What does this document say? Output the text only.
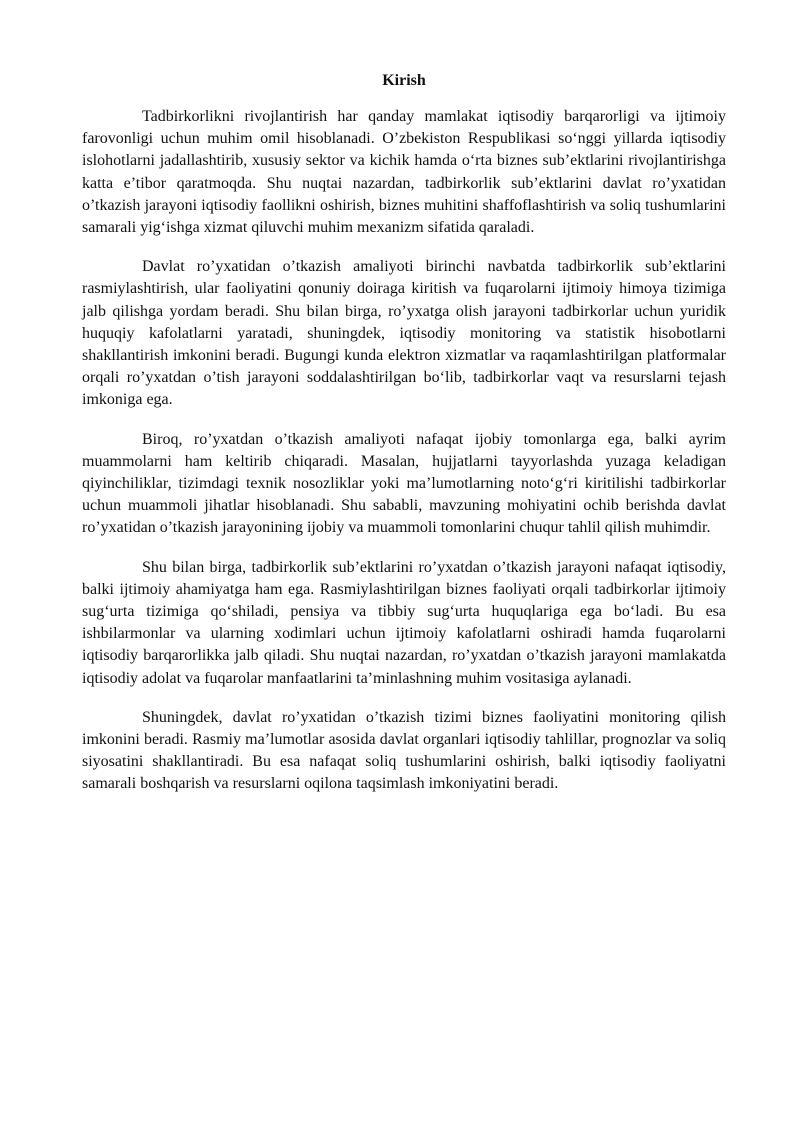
Kirish

Tadbirkorlikni rivojlantirish har qanday mamlakat iqtisodiy barqarorligi va ijtimoiy farovonligi uchun muhim omil hisoblanadi. O’zbekiston Respublikasi so‘nggi yillarda iqtisodiy islohotlarni jadallashtirib, xususiy sektor va kichik hamda o‘rta biznes sub’ektlarini rivojlantirishga katta e’tibor qaratmoqda. Shu nuqtai nazardan, tadbirkorlik sub’ektlarini davlat ro’yxatidan o’tkazish jarayoni iqtisodiy faollikni oshirish, biznes muhitini shaffoflashtirish va soliq tushumlarini samarali yig‘ishga xizmat qiluvchi muhim mexanizm sifatida qaraladi.

Davlat ro’yxatidan o’tkazish amaliyoti birinchi navbatda tadbirkorlik sub’ektlarini rasmiylashtirish, ular faoliyatini qonuniy doiraga kiritish va fuqarolarni ijtimoiy himoya tizimiga jalb qilishga yordam beradi. Shu bilan birga, ro’yxatga olish jarayoni tadbirkorlar uchun yuridik huquqiy kafolatlarni yaratadi, shuningdek, iqtisodiy monitoring va statistik hisobotlarni shakllantirish imkonini beradi. Bugungi kunda elektron xizmatlar va raqamlashtirilgan platformalar orqali ro’yxatdan o’tish jarayoni soddalashtirilgan bo‘lib, tadbirkorlar vaqt va resurslarni tejash imkoniga ega.

Biroq, ro’yxatdan o’tkazish amaliyoti nafaqat ijobiy tomonlarga ega, balki ayrim muammolarni ham keltirib chiqaradi. Masalan, hujjatlarni tayyorlashda yuzaga keladigan qiyinchiliklar, tizimdagi texnik nosozliklar yoki ma’lumotlarning noto‘g‘ri kiritilishi tadbirkorlar uchun muammoli jihatlar hisoblanadi. Shu sababli, mavzuning mohiyatini ochib berishda davlat ro’yxatidan o’tkazish jarayonining ijobiy va muammoli tomonlarini chuqur tahlil qilish muhimdir.

Shu bilan birga, tadbirkorlik sub’ektlarini ro’yxatdan o’tkazish jarayoni nafaqat iqtisodiy, balki ijtimoiy ahamiyatga ham ega. Rasmiylashtirilgan biznes faoliyati orqali tadbirkorlar ijtimoiy sug‘urta tizimiga qo‘shiladi, pensiya va tibbiy sug‘urta huquqlariga ega bo‘ladi. Bu esa ishbilarmonlar va ularning xodimlari uchun ijtimoiy kafolatlarni oshiradi hamda fuqarolarni iqtisodiy barqarorlikka jalb qiladi. Shu nuqtai nazardan, ro’yxatdan o’tkazish jarayoni mamlakatda iqtisodiy adolat va fuqarolar manfaatlarini ta’minlashning muhim vositasiga aylanadi.

Shuningdek, davlat ro’yxatidan o’tkazish tizimi biznes faoliyatini monitoring qilish imkonini beradi. Rasmiy ma’lumotlar asosida davlat organlari iqtisodiy tahlillar, prognozlar va soliq siyosatini shakllantiradi. Bu esa nafaqat soliq tushumlarini oshirish, balki iqtisodiy faoliyatni samarali boshqarish va resurslarni oqilona taqsimlash imkoniyatini beradi.
